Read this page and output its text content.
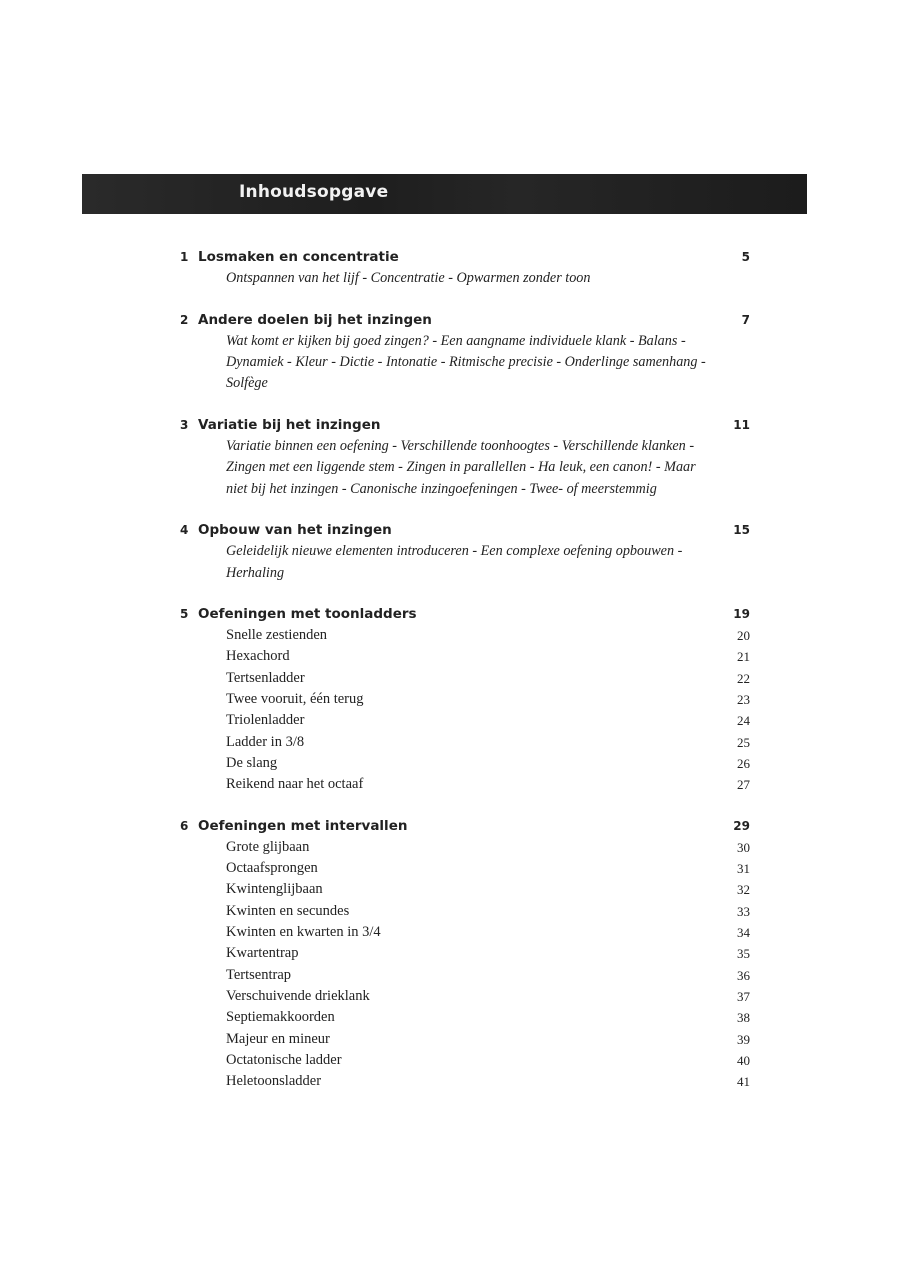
Inhoudsopgave
1 Losmaken en concentratie	5
Ontspannen van het lijf - Concentratie - Opwarmen zonder toon
2 Andere doelen bij het inzingen	7
Wat komt er kijken bij goed zingen? - Een aangname individuele klank - Balans - Dynamiek - Kleur - Dictie - Intonatie - Ritmische precisie - Onderlinge samenhang - Solfège
3 Variatie bij het inzingen	11
Variatie binnen een oefening - Verschillende toonhoogtes - Verschillende klanken - Zingen met een liggende stem - Zingen in parallellen - Ha leuk, een canon! - Maar niet bij het inzingen - Canonische inzingoefeningen - Twee- of meerstemmig
4 Opbouw van het inzingen	15
Geleidelijk nieuwe elementen introduceren - Een complexe oefening opbouwen - Herhaling
5 Oefeningen met toonladders	19
Snelle zestienden	20
Hexachord	21
Tertsenladder	22
Twee vooruit, één terug	23
Triolenladder	24
Ladder in 3/8	25
De slang	26
Reikend naar het octaaf	27
6 Oefeningen met intervallen	29
Grote glijbaan	30
Octaafsprongen	31
Kwintenglijbaan	32
Kwinten en secundes	33
Kwinten en kwarten in 3/4	34
Kwartentrap	35
Tertsentrap	36
Verschuivende drieklank	37
Septiemakkoorden	38
Majeur en mineur	39
Octatonische ladder	40
Heletoonsladder	41
